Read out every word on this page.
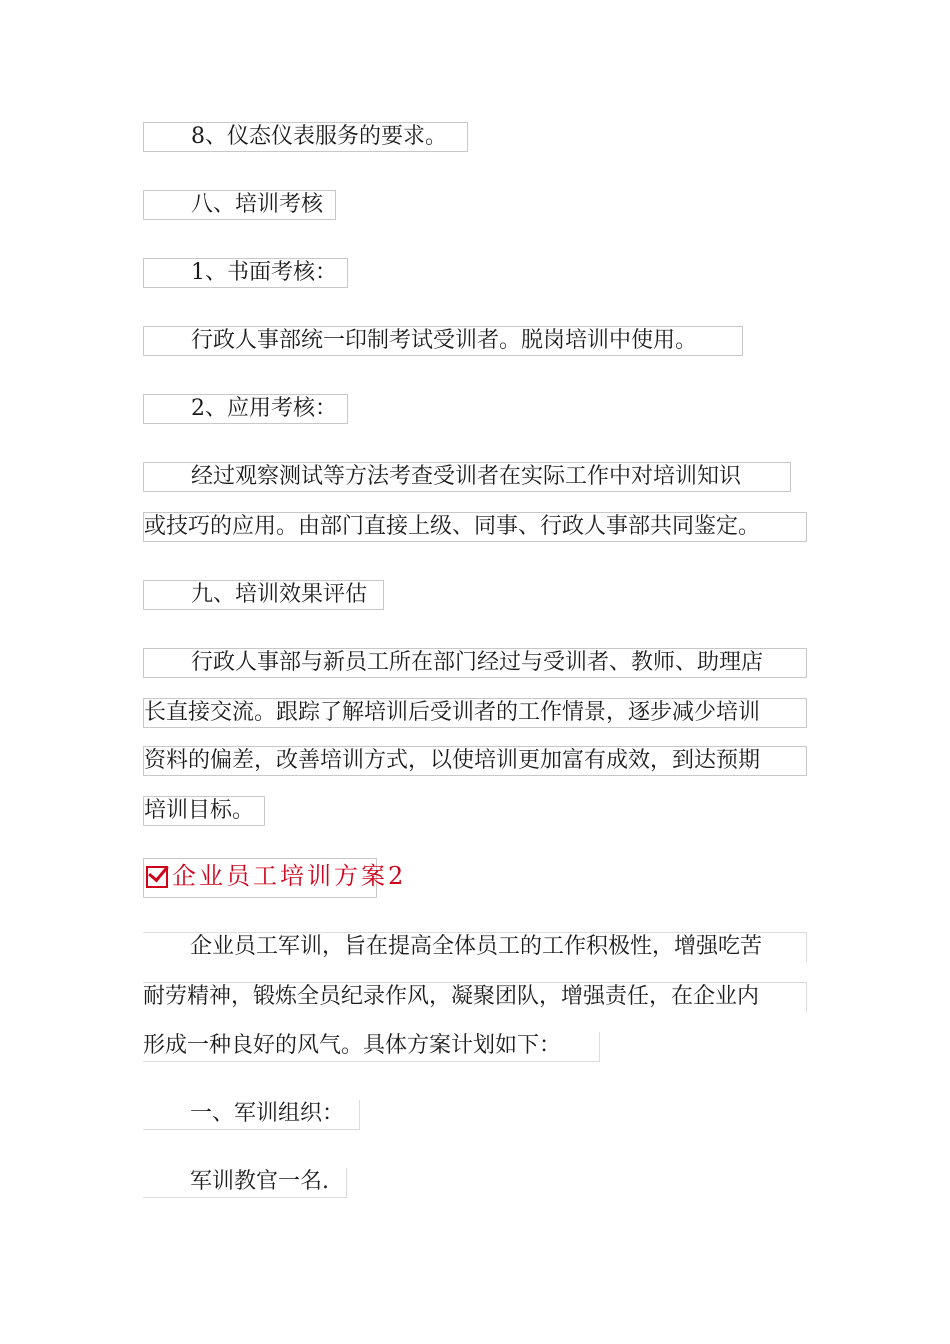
8、仪态仪表服务的要求。
八、培训考核
1、书面考核：
行政人事部统一印制考试受训者。脱岗培训中使用。
2、应用考核：
经过观察测试等方法考查受训者在实际工作中对培训知识
或技巧的应用。由部门直接上级、同事、行政人事部共同鉴定。
九、培训效果评估
行政人事部与新员工所在部门经过与受训者、教师、助理店
长直接交流。跟踪了解培训后受训者的工作情景，逐步减少培训
资料的偏差，改善培训方式，以使培训更加富有成效，到达预期
培训目标。
企业员工培训方案2
企业员工军训，旨在提高全体员工的工作积极性，增强吃苦
耐劳精神，锻炼全员纪录作风，凝聚团队，增强责任，在企业内
形成一种良好的风气。具体方案计划如下：
一、军训组织：
军训教官一名.
